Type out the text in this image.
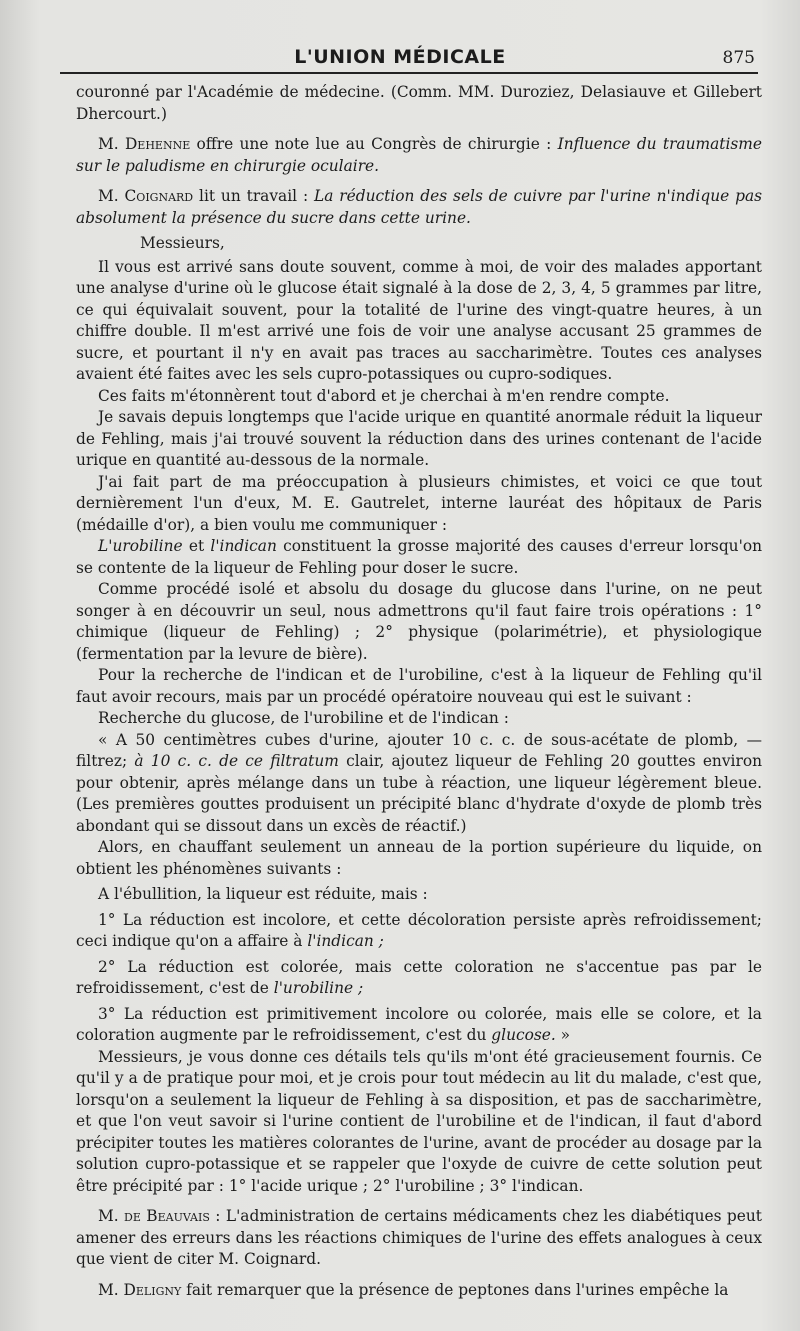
L'UNION MÉDICALE	875

couronné par l'Académie de médecine. (Comm. MM. Duroziez, Delasiauve et Gillebert Dhercourt.)

M. Dehenne offre une note lue au Congrès de chirurgie : Influence du traumatisme sur le paludisme en chirurgie oculaire.

M. Coignard lit un travail : La réduction des sels de cuivre par l'urine n'indique pas absolument la présence du sucre dans cette urine.

Messieurs,

Il vous est arrivé sans doute souvent, comme à moi, de voir des malades apportant une analyse d'urine où le glucose était signalé à la dose de 2, 3, 4, 5 grammes par litre, ce qui équivalait souvent, pour la totalité de l'urine des vingt-quatre heures, à un chiffre double. Il m'est arrivé une fois de voir une analyse accusant 25 grammes de sucre, et pourtant il n'y en avait pas traces au saccharimètre. Toutes ces analyses avaient été faites avec les sels cupro-potassiques ou cupro-sodiques.

Ces faits m'étonnèrent tout d'abord et je cherchai à m'en rendre compte.

Je savais depuis longtemps que l'acide urique en quantité anormale réduit la liqueur de Fehling, mais j'ai trouvé souvent la réduction dans des urines contenant de l'acide urique en quantité au-dessous de la normale.

J'ai fait part de ma préoccupation à plusieurs chimistes, et voici ce que tout dernièrement l'un d'eux, M. E. Gautrelet, interne lauréat des hôpitaux de Paris (médaille d'or), a bien voulu me communiquer :

L'urobiline et l'indican constituent la grosse majorité des causes d'erreur lorsqu'on se contente de la liqueur de Fehling pour doser le sucre.

Comme procédé isolé et absolu du dosage du glucose dans l'urine, on ne peut songer à en découvrir un seul, nous admettrons qu'il faut faire trois opérations : 1° chimique (liqueur de Fehling) ; 2° physique (polarimétrie), et physiologique (fermentation par la levure de bière).

Pour la recherche de l'indican et de l'urobiline, c'est à la liqueur de Fehling qu'il faut avoir recours, mais par un procédé opératoire nouveau qui est le suivant :

Recherche du glucose, de l'urobiline et de l'indican :

« A 50 centimètres cubes d'urine, ajouter 10 c. c. de sous-acétate de plomb, — filtrez; à 10 c. c. de ce filtratum clair, ajoutez liqueur de Fehling 20 gouttes environ pour obtenir, après mélange dans un tube à réaction, une liqueur légèrement bleue. (Les premières gouttes produisent un précipité blanc d'hydrate d'oxyde de plomb très abondant qui se dissout dans un excès de réactif.)

Alors, en chauffant seulement un anneau de la portion supérieure du liquide, on obtient les phénomènes suivants :

A l'ébullition, la liqueur est réduite, mais :

1° La réduction est incolore, et cette décoloration persiste après refroidissement; ceci indique qu'on a affaire à l'indican ;

2° La réduction est colorée, mais cette coloration ne s'accentue pas par le refroidissement, c'est de l'urobiline ;

3° La réduction est primitivement incolore ou colorée, mais elle se colore, et la coloration augmente par le refroidissement, c'est du glucose. »

Messieurs, je vous donne ces détails tels qu'ils m'ont été gracieusement fournis. Ce qu'il y a de pratique pour moi, et je crois pour tout médecin au lit du malade, c'est que, lorsqu'on a seulement la liqueur de Fehling à sa disposition, et pas de saccharimètre, et que l'on veut savoir si l'urine contient de l'urobiline et de l'indican, il faut d'abord précipiter toutes les matières colorantes de l'urine, avant de procéder au dosage par la solution cupro-potassique et se rappeler que l'oxyde de cuivre de cette solution peut être précipité par : 1° l'acide urique ; 2° l'urobiline ; 3° l'indican.

M. de Beauvais : L'administration de certains médicaments chez les diabétiques peut amener des erreurs dans les réactions chimiques de l'urine des effets analogues à ceux que vient de citer M. Coignard.

M. Deligny fait remarquer que la présence de peptones dans l'urines empêche la
